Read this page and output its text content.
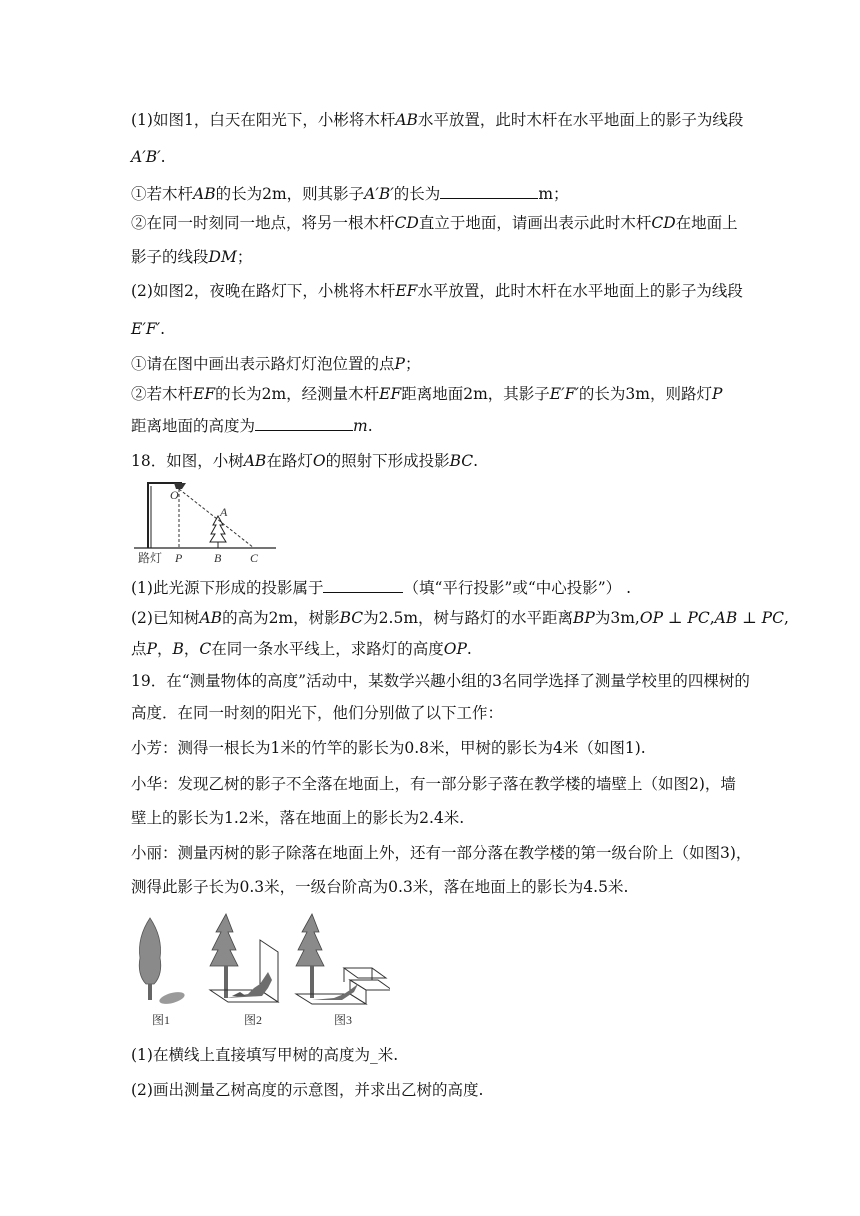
(1)如图1，白天在阳光下，小彬将木杆AB水平放置，此时木杆在水平地面上的影子为线段
A′B′.
①若木杆AB的长为2m，则其影子A′B′的长为	m；
②在同一时刻同一地点，将另一根木杆CD直立于地面，请画出表示此时木杆CD在地面上
影子的线段DM；
(2)如图2，夜晚在路灯下，小桃将木杆EF水平放置，此时木杆在水平地面上的影子为线段
E′F′.
①请在图中画出表示路灯灯泡位置的点P；
②若木杆EF的长为2m，经测量木杆EF距离地面2m，其影子E′F′的长为3m，则路灯P
距离地面的高度为	m.
18．如图，小树AB在路灯O的照射下形成投影BC.
O
A
路灯 P	B C
(1)此光源下形成的投影属于	（填“平行投影”或“中心投影”） .
(2)已知树AB的高为2m，树影BC为2.5m，树与路灯的水平距离BP为3m,OP ⊥ PC,AB ⊥ PC,
点P，B，C在同一条水平线上，求路灯的高度OP.
19．在“测量物体的高度”活动中，某数学兴趣小组的3名同学选择了测量学校里的四棵树的
高度．在同一时刻的阳光下，他们分别做了以下工作：
小芳：测得一根长为1米的竹竿的影长为0.8米，甲树的影长为4米（如图1).
小华：发现乙树的影子不全落在地面上，有一部分影子落在教学楼的墙壁上（如图2)，墙
壁上的影长为1.2米，落在地面上的影长为2.4米.
小丽：测量丙树的影子除落在地面上外，还有一部分落在教学楼的第一级台阶上（如图3)，
测得此影子长为0.3米，一级台阶高为0.3米，落在地面上的影长为4.5米.
图1	图2	图3
(1)在横线上直接填写甲树的高度为_米.
(2)画出测量乙树高度的示意图，并求出乙树的高度.
